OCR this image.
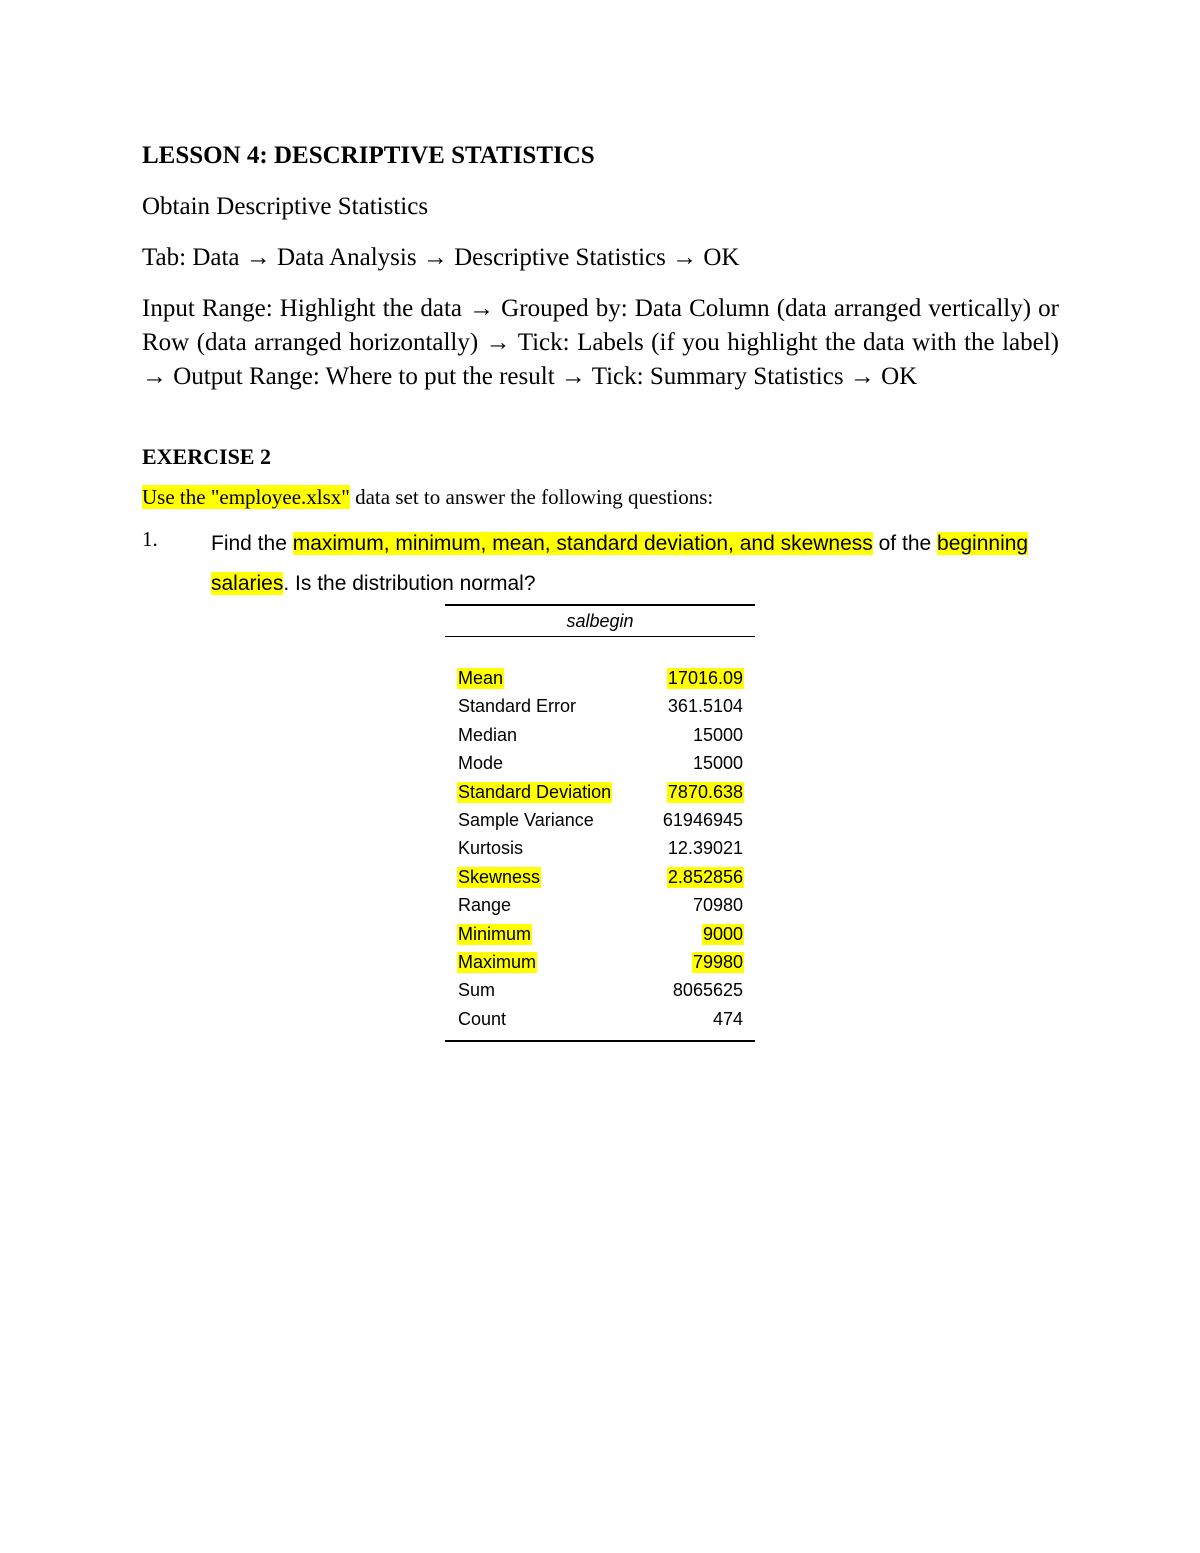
LESSON 4: DESCRIPTIVE STATISTICS
Obtain Descriptive Statistics
Tab: Data → Data Analysis → Descriptive Statistics → OK
Input Range: Highlight the data → Grouped by: Data Column (data arranged vertically) or Row (data arranged horizontally) → Tick: Labels (if you highlight the data with the label) → Output Range: Where to put the result → Tick: Summary Statistics → OK
EXERCISE 2
Use the "employee.xlsx" data set to answer the following questions:
1.	Find the maximum, minimum, mean, standard deviation, and skewness of the beginning salaries. Is the distribution normal?
salbegin
Mean	17016.09
Standard Error	361.5104
Median	15000
Mode	15000
Standard Deviation	7870.638
Sample Variance	61946945
Kurtosis	12.39021
Skewness	2.852856
Range	70980
Minimum	9000
Maximum	79980
Sum	8065625
Count	474
